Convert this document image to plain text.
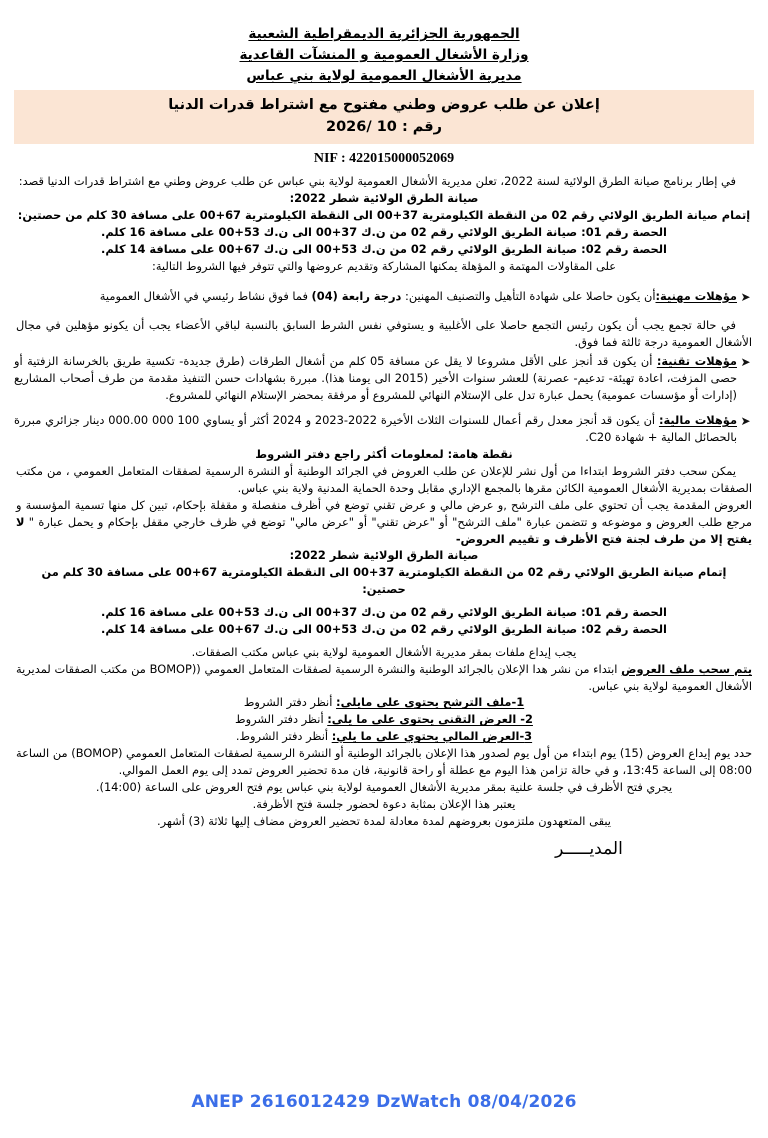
الجمهورية الجزائرية الديمقراطية الشعبية
وزارة الأشغال العمومية و المنشآت القاعدية
مديرية الأشغال العمومية لولاية بني عباس
إعلان عن طلب عروض وطني مفتوح مع اشتراط قدرات الدنيا
رقم : 10 /2026
NIF : 422015000052069

في إطار برنامج صيانة الطرق الولائية لسنة 2022، تعلن مديرية الأشغال العمومية لولاية بني عباس عن طلب عروض وطني مع اشتراط قدرات الدنيا قصد:

صيانة الطرق الولائية شطر 2022:

إتمام صيانة الطريق الولائي رقم 02 من النقطة الكيلومترية 37+00 الى النقطة الكيلومترية 67+00 على مسافة 30 كلم من حصتين:

الحصة رقم 01: صيانة الطريق الولائي رقم 02 من ن.ك 37+00 الى ن.ك 53+00 على مسافة 16 كلم.

الحصة رقم 02: صيانة الطريق الولائي رقم 02 من ن.ك 53+00 الى ن.ك 67+00 على مسافة 14 كلم.

على المقاولات المهتمة و المؤهلة يمكنها المشاركة وتقديم عروضها والتي تتوفر فيها الشروط التالية:

➤
مؤهلات مهنية:أن يكون حاصلا على شهادة التأهيل والتصنيف المهنين: درجة رابعة (04) فما فوق نشاط رئيسي في الأشغال العمومية

في حالة تجمع يجب أن يكون رئيس التجمع حاصلا على الأغلبية و يستوفي نفس الشرط السابق بالنسبة لباقي الأعضاء يجب أن يكونو مؤهلين في مجال الأشغال العمومية درجة ثالثة فما فوق.

➤
مؤهلات تقنية: أن يكون قد أنجز على الأقل مشروعا لا يقل عن مسافة 05 كلم من أشغال الطرقات (طرق جديدة- تكسية طريق بالخرسانة الزفتية أو حصى المزفت، اعادة تهيئة- تدعيم- عصرنة) للعشر سنوات الأخير (2015 الى يومنا هذا). مبررة بشهادات حسن التنفيذ مقدمة من طرف أصحاب المشاريع (إدارات أو مؤسسات عمومية) يحمل عبارة تدل على الإستلام النهائي للمشروع أو مرفقة بمحضر الإستلام النهائي للمشروع.
➤
مؤهلات مالية: أن يكون قد أنجز معدل رقم أعمال للسنوات الثلاث الأخيرة 2022-2023 و 2024 أكثر أو يساوي 100 000 000.00 دينار جزائري مبررة بالحصائل المالية + شهادة C20.

نقطة هامة: لمعلومات أكثر راجع دفتر الشروط

يمكن سحب دفتر الشروط ابتداءا من أول نشر للإعلان عن طلب العروض في الجرائد الوطنية أو النشرة الرسمية لصفقات المتعامل العمومي ، من مكتب الصفقات بمديرية الأشغال العمومية الكائن مقرها بالمجمع الإداري مقابل وحدة الحماية المدنية ولاية بني عباس.

العروض المقدمة يجب أن تحتوي على ملف الترشح ,و عرض مالي و عرض تقني توضع في أظرف منفصلة و مقفلة بإحكام، تبين كل منها تسمية المؤسسة و مرجع طلب العروض و موضوعه و تتضمن عبارة "ملف الترشح" أو "عرض تقني" أو "عرض مالي" توضع في ظرف خارجي مقفل بإحكام و يحمل عبارة " لا يفتح إلا من طرف لجنة فتح الأظرف و تقييم العروض-

صيانة الطرق الولائية شطر 2022:

إتمام صيانة الطريق الولائي رقم 02 من النقطة الكيلومترية 37+00 الى النقطة الكيلومترية 67+00 على مسافة 30 كلم من

حصتين:

الحصة رقم 01: صيانة الطريق الولائي رقم 02 من ن.ك 37+00 الى ن.ك 53+00 على مسافة 16 كلم.

الحصة رقم 02: صيانة الطريق الولائي رقم 02 من ن.ك 53+00 الى ن.ك 67+00 على مسافة 14 كلم.

يجب إيداع ملفات بمقر مديرية الأشغال العمومية لولاية بني عباس مكتب الصفقات.

يتم سحب ملف العروض ابتداء من نشر هدا الإعلان بالجرائد الوطنية والنشرة الرسمية لصفقات المتعامل العمومي ((BOMOP من مكتب الصفقات لمديرية الأشغال العمومية لولاية بني عباس.

1-ملف الترشح يحتوي على مايلي: أنظر دفتر الشروط

2- العرض التقني يحتوي على ما يلي: أنظر دفتر الشروط

3-العرض المالي يحتوي على ما يلي: أنظر دفتر الشروط.

حدد يوم إيداع العروض (15) يوم ابتداء من أول يوم لصدور هذا الإعلان بالجرائد الوطنية أو النشرة الرسمية لصفقات المتعامل العمومي (BOMOP) من الساعة 08:00 إلى الساعة 13:45، و في حالة تزامن هذا اليوم مع عطلة أو راحة قانونية، فان مدة تحضير العروض تمدد إلى يوم العمل الموالي.

يجري فتح الأظرف في جلسة علنية بمقر مديرية الأشغال العمومية لولاية بني عباس يوم فتح العروض على الساعة (14:00).

يعتبر هذا الإعلان بمثابة دعوة لحضور جلسة فتح الأظرفة.

يبقى المتعهدون ملتزمون بعروضهم لمدة معادلة لمدة تحضير العروض مضاف إليها ثلاثة (3) أشهر.

المديـــــر
ANEP 2616012429 DzWatch 08/04/2026
